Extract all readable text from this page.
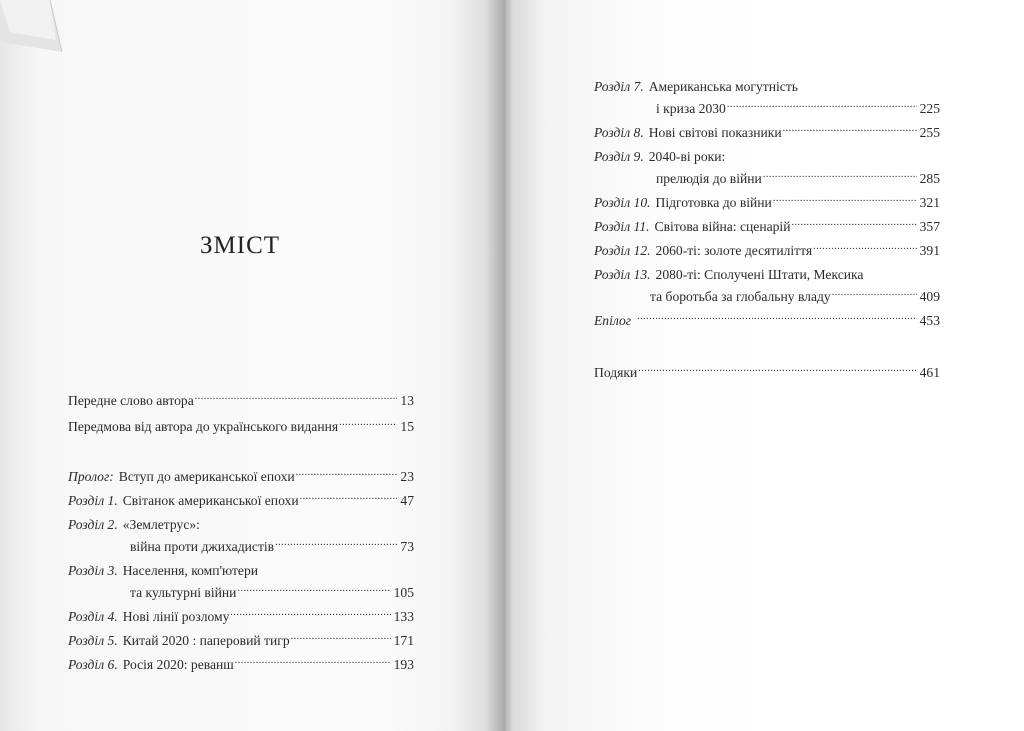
ЗМІСТ
Передне слово автора .....	13
Передмова від автора до українського видання .....	15
Пролог: Вступ до американської епохи .....	23
Розділ 1. Світанок американської епохи .....	47
Розділ 2. «Землетрус»:
війна проти джихадистів .....	73
Розділ 3. Населення, комп'ютери
та культурні війни .....	105
Розділ 4. Нові лінії розлому .....	133
Розділ 5. Китай 2020 : паперовий тигр .....	171
Розділ 6. Росія 2020: реванш .....	193
Розділ 7. Американська могутність
і криза 2030 .....	225
Розділ 8. Нові світові показники .....	255
Розділ 9. 2040-ві роки:
прелюдія до війни .....	285
Розділ 10. Підготовка до війни .....	321
Розділ 11. Світова війна: сценарій .....	357
Розділ 12. 2060-ті: золоте десятиліття .....	391
Розділ 13. 2080-ті: Сполучені Штати, Мексика
та боротьба за глобальну владу .....	409
Епілог .....	453
Подяки .....	461
